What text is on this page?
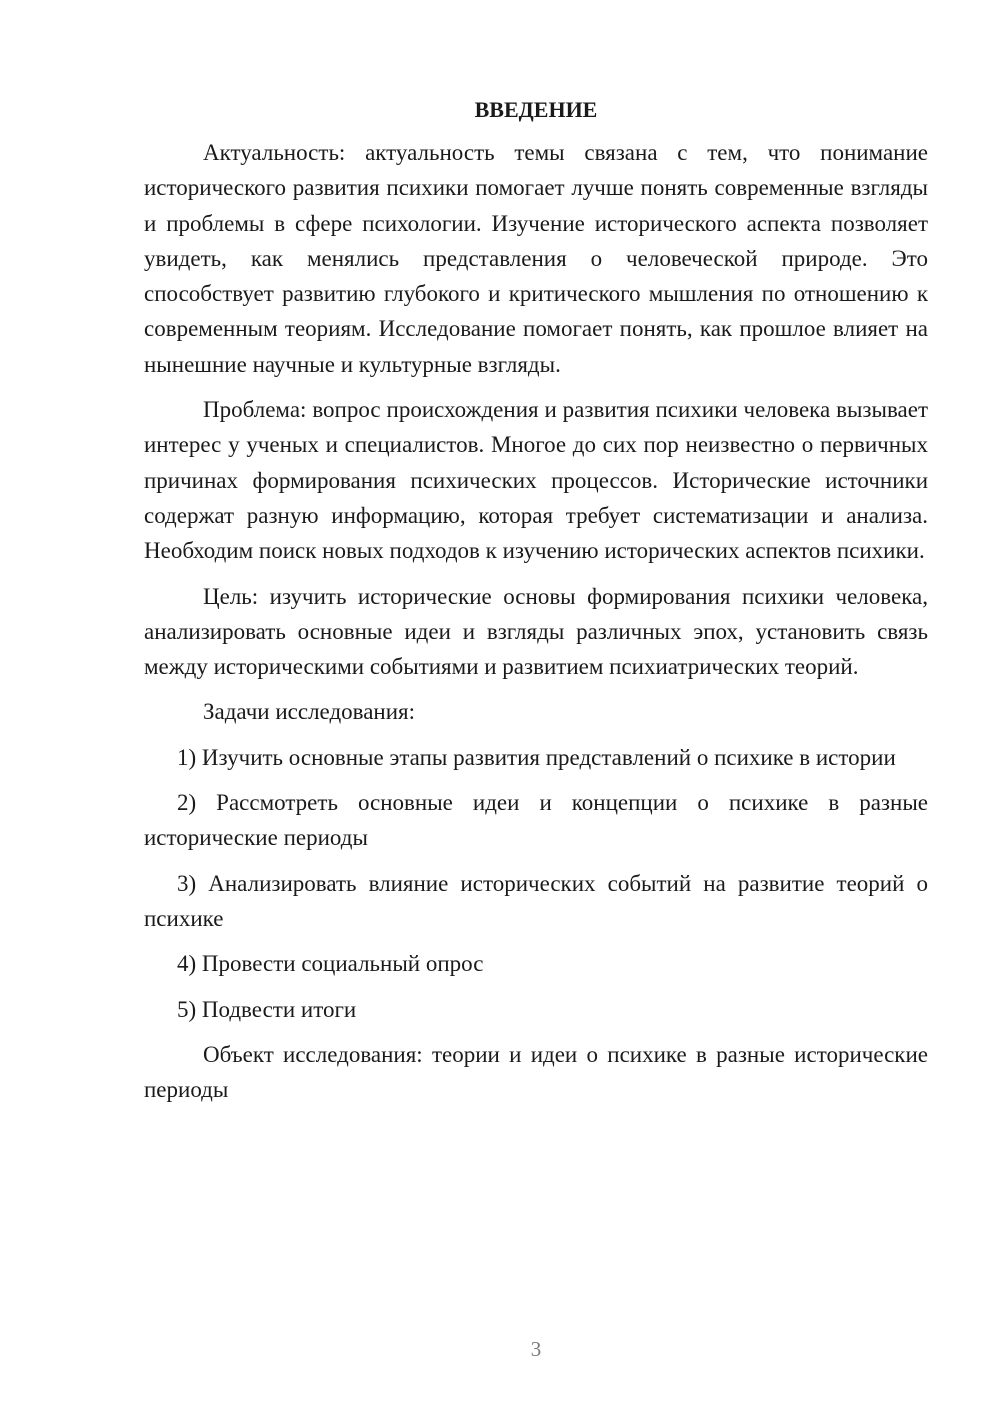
ВВЕДЕНИЕ

Актуальность: актуальность темы связана с тем, что понимание исторического развития психики помогает лучше понять современные взгляды и проблемы в сфере психологии. Изучение исторического аспекта позволяет увидеть, как менялись представления о человеческой природе. Это способствует развитию глубокого и критического мышления по отношению к современным теориям. Исследование помогает понять, как прошлое влияет на нынешние научные и культурные взгляды.

Проблема: вопрос происхождения и развития психики человека вызывает интерес у ученых и специалистов. Многое до сих пор неизвестно о первичных причинах формирования психических процессов. Исторические источники содержат разную информацию, которая требует систематизации и анализа. Необходим поиск новых подходов к изучению исторических аспектов психики.

Цель: изучить исторические основы формирования психики человека, анализировать основные идеи и взгляды различных эпох, установить связь между историческими событиями и развитием психиатрических теорий.

Задачи исследования:

1) Изучить основные этапы развития представлений о психике в истории

2) Рассмотреть основные идеи и концепции о психике в разные исторические периоды

3) Анализировать влияние исторических событий на развитие теорий о психике

4) Провести социальный опрос

5) Подвести итоги

Объект исследования: теории и идеи о психике в разные исторические периоды

3
